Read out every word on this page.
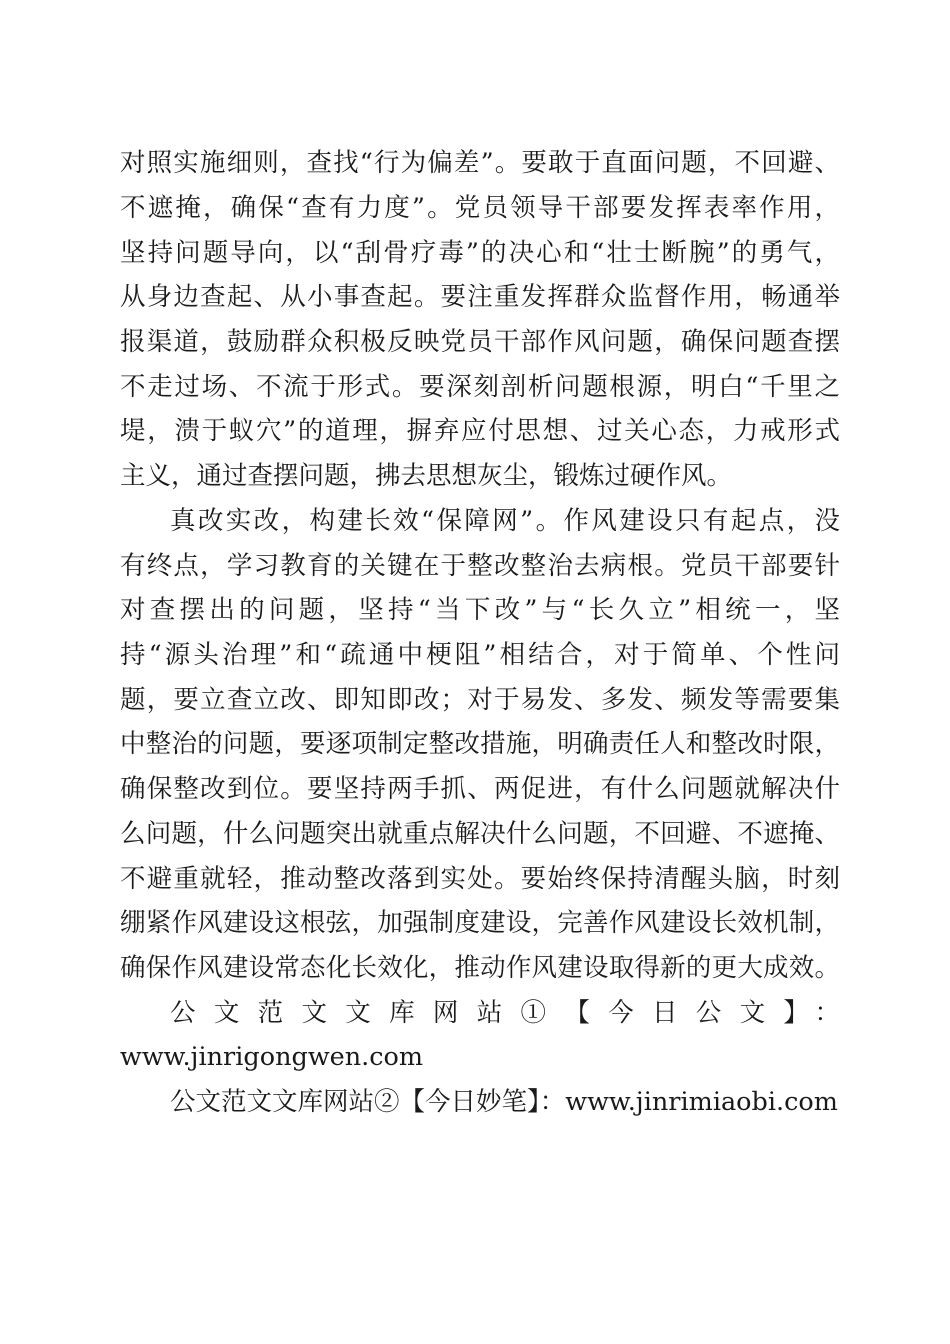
对照实施细则，查找“行为偏差”。要敢于直面问题，不回避、
不遮掩，确保“查有力度”。党员领导干部要发挥表率作用，
坚持问题导向，以“刮骨疗毒”的决心和“壮士断腕”的勇气，
从身边查起、从小事查起。要注重发挥群众监督作用，畅通举
报渠道，鼓励群众积极反映党员干部作风问题，确保问题查摆
不走过场、不流于形式。要深刻剖析问题根源，明白“千里之
堤，溃于蚁穴”的道理，摒弃应付思想、过关心态，力戒形式
主义，通过查摆问题，拂去思想灰尘，锻炼过硬作风。
真改实改，构建长效“保障网”。作风建设只有起点，没
有终点，学习教育的关键在于整改整治去病根。党员干部要针
对查摆出的问题，坚持“当下改”与“长久立”相统一，坚
持“源头治理”和“疏通中梗阻”相结合，对于简单、个性问
题，要立查立改、即知即改；对于易发、多发、频发等需要集
中整治的问题，要逐项制定整改措施，明确责任人和整改时限，
确保整改到位。要坚持两手抓、两促进，有什么问题就解决什
么问题，什么问题突出就重点解决什么问题，不回避、不遮掩、
不避重就轻，推动整改落到实处。要始终保持清醒头脑，时刻
绷紧作风建设这根弦，加强制度建设，完善作风建设长效机制，
确保作风建设常态化长效化，推动作风建设取得新的更大成效。
公文范文文库网站①【今日公文】：
www.jinrigongwen.com
公文范文文库网站②【今日妙笔】：www.jinrimiaobi.com
